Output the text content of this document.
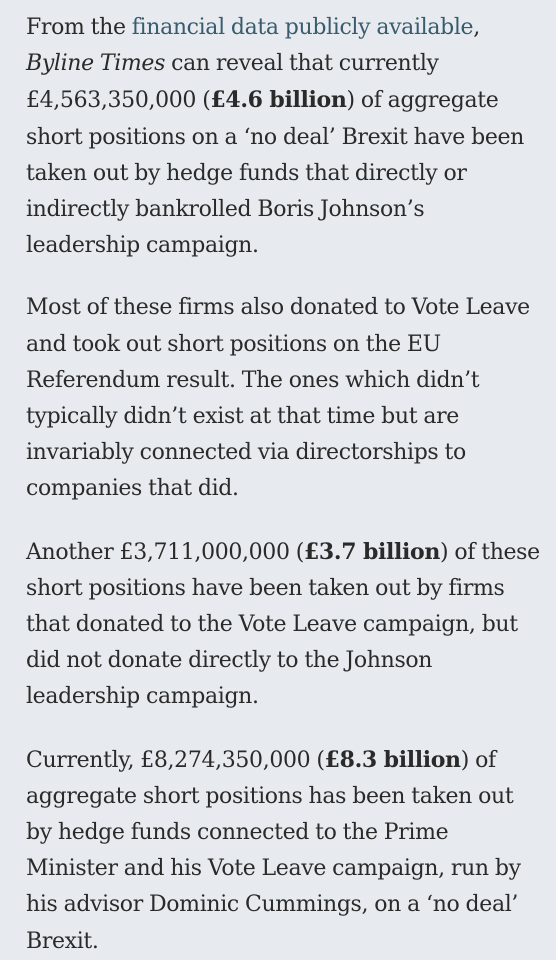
From the financial data publicly available,
Byline Times can reveal that currently £4,563,350,000 (£4.6 billion) of aggregate short positions on a ‘no deal’ Brexit have been taken out by hedge funds that directly or indirectly bankrolled Boris Johnson’s leadership campaign.

Most of these firms also donated to Vote Leave and took out short positions on the EU Referendum result. The ones which didn’t typically didn’t exist at that time but are invariably connected via directorships to companies that did.

Another £3,711,000,000 (£3.7 billion) of these short positions have been taken out by firms that donated to the Vote Leave campaign, but did not donate directly to the Johnson leadership campaign.

Currently, £8,274,350,000 (£8.3 billion) of aggregate short positions has been taken out by hedge funds connected to the Prime Minister and his Vote Leave campaign, run by his advisor Dominic Cummings, on a ‘no deal’ Brexit.
